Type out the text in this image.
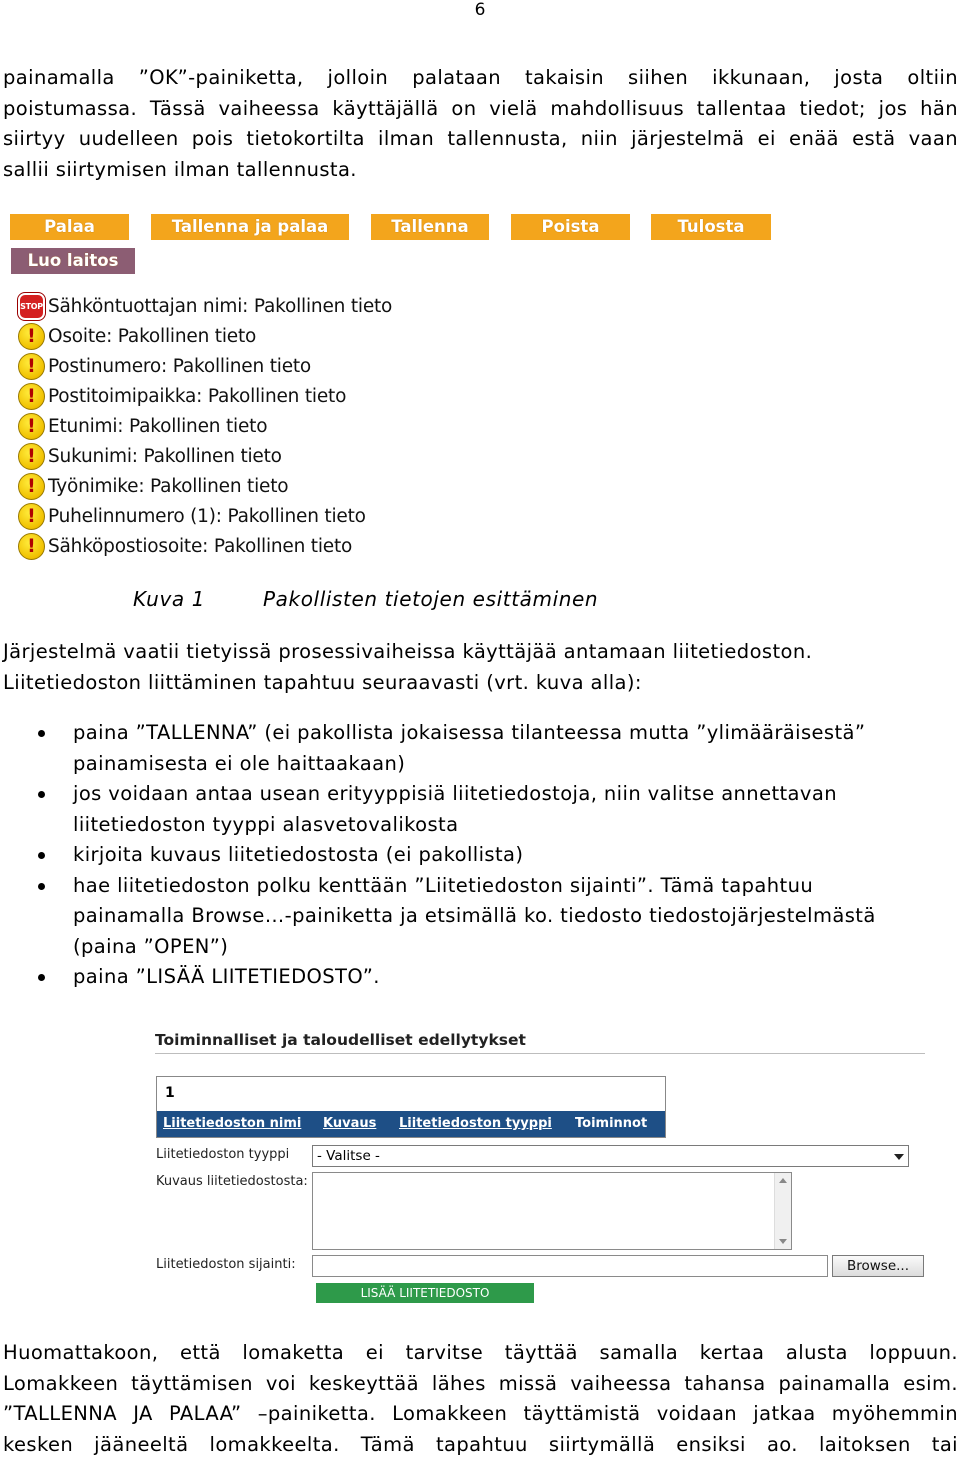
6
painamalla ”OK”-painiketta, jolloin palataan takaisin siihen ikkunaan, josta oltiin
poistumassa. Tässä vaiheessa käyttäjällä on vielä mahdollisuus tallentaa tiedot; jos hän
siirtyy uudelleen pois tietokortilta ilman tallennusta, niin järjestelmä ei enää estä vaan
sallii siirtymisen ilman tallennusta.
Palaa	Tallenna ja palaa	Tallenna	Poista	Tulosta
Luo laitos
STOP Sähköntuottajan nimi: Pakollinen tieto
! Osoite: Pakollinen tieto
! Postinumero: Pakollinen tieto
! Postitoimipaikka: Pakollinen tieto
! Etunimi: Pakollinen tieto
! Sukunimi: Pakollinen tieto
! Työnimike: Pakollinen tieto
! Puhelinnumero (1): Pakollinen tieto
! Sähköpostiosoite: Pakollinen tieto
Kuva 1	Pakollisten tietojen esittäminen
Järjestelmä vaatii tietyissä prosessivaiheissa käyttäjää antamaan liitetiedoston.
Liitetiedoston liittäminen tapahtuu seuraavasti (vrt. kuva alla):
paina ”TALLENNA” (ei pakollista jokaisessa tilanteessa mutta ”ylimääräisestä”
painamisesta ei ole haittaakaan)
jos voidaan antaa usean erityyppisiä liitetiedostoja, niin valitse annettavan
liitetiedoston tyyppi alasvetovalikosta
kirjoita kuvaus liitetiedostosta (ei pakollista)
hae liitetiedoston polku kenttään ”Liitetiedoston sijainti”. Tämä tapahtuu
painamalla Browse…-painiketta ja etsimällä ko. tiedosto tiedostojärjestelmästä
(paina ”OPEN”)
paina ”LISÄÄ LIITETIEDOSTO”.
Toiminnalliset ja taloudelliset edellytykset
1
Liitetiedoston nimi Kuvaus Liitetiedoston tyyppi Toiminnot
Liitetiedoston tyyppi	- Valitse -
Kuvaus liitetiedostosta:
Liitetiedoston sijainti:	Browse...
LISÄÄ LIITETIEDOSTO
Huomattakoon, että lomaketta ei tarvitse täyttää samalla kertaa alusta loppuun.
Lomakkeen täyttämisen voi keskeyttää lähes missä vaiheessa tahansa painamalla esim.
”TALLENNA JA PALAA” –painiketta. Lomakkeen täyttämistä voidaan jatkaa myöhemmin
kesken jääneeltä lomakkeelta. Tämä tapahtuu siirtymällä ensiksi ao. laitoksen tai
